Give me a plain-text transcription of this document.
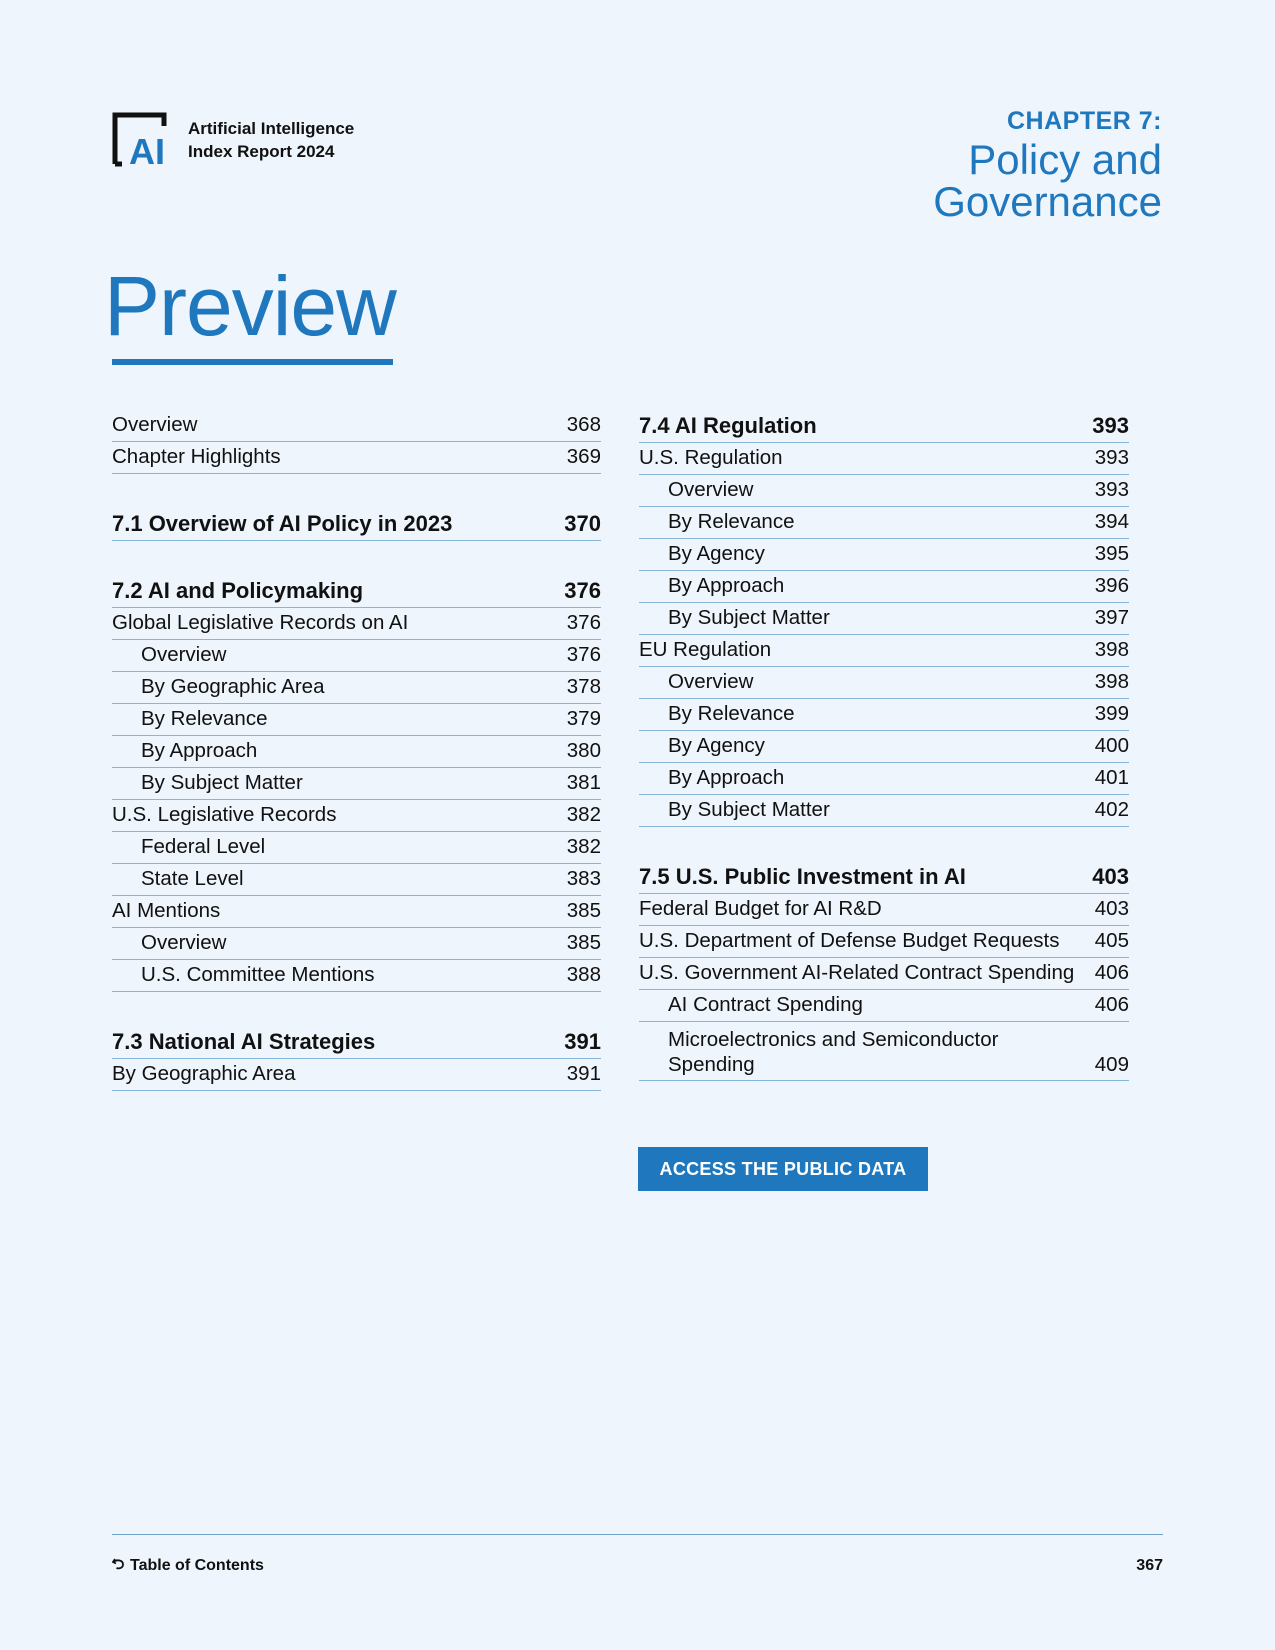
AI
Artificial Intelligence
Index Report 2024
CHAPTER 7:
Policy and
Governance
Preview
Overview	368
Chapter Highlights	369
7.1 Overview of AI Policy in 2023	370
7.2 AI and Policymaking	376
Global Legislative Records on AI	376
Overview	376
By Geographic Area	378
By Relevance	379
By Approach	380
By Subject Matter	381
U.S. Legislative Records	382
Federal Level	382
State Level	383
AI Mentions	385
Overview	385
U.S. Committee Mentions	388
7.3 National AI Strategies	391
By Geographic Area	391
7.4 AI Regulation	393
U.S. Regulation	393
Overview	393
By Relevance	394
By Agency	395
By Approach	396
By Subject Matter	397
EU Regulation	398
Overview	398
By Relevance	399
By Agency	400
By Approach	401
By Subject Matter	402
7.5 U.S. Public Investment in AI	403
Federal Budget for AI R&D	403
U.S. Department of Defense Budget Requests 405
U.S. Government AI-Related Contract Spending 406
AI Contract Spending	406
Microelectronics and Semiconductor Spending	409
ACCESS THE PUBLIC DATA
Table of Contents	367
